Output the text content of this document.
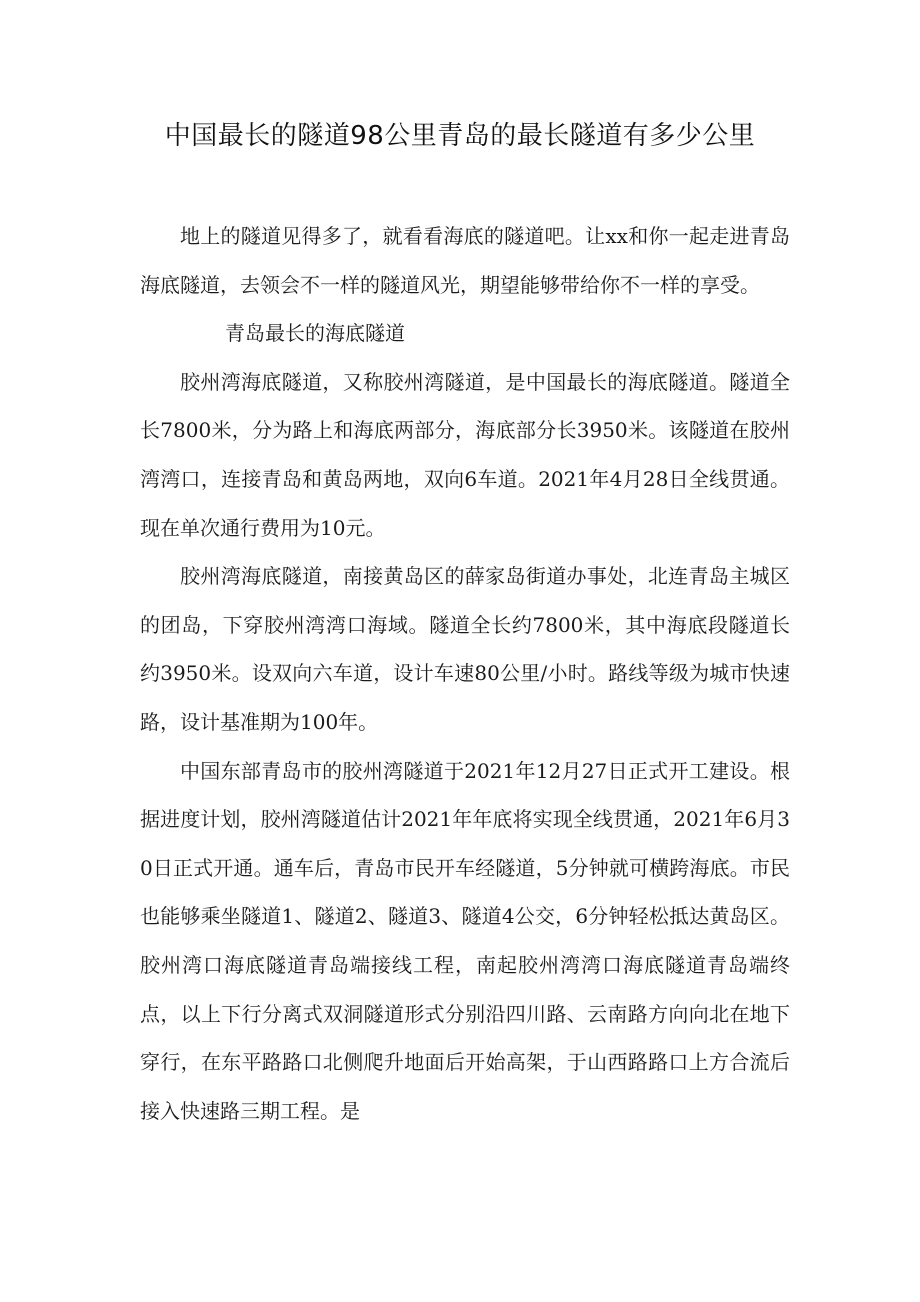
中国最长的隧道98公里青岛的最长隧道有多少公里

地上的隧道见得多了，就看看海底的隧道吧。让xx和你一起走进青岛海底隧道，去领会不一样的隧道风光，期望能够带给你不一样的享受。

青岛最长的海底隧道

胶州湾海底隧道，又称胶州湾隧道，是中国最长的海底隧道。隧道全长7800米，分为路上和海底两部分，海底部分长3950米。该隧道在胶州湾湾口，连接青岛和黄岛两地，双向6车道。2021年4月28日全线贯通。现在单次通行费用为10元。

胶州湾海底隧道，南接黄岛区的薛家岛街道办事处，北连青岛主城区的团岛，下穿胶州湾湾口海域。隧道全长约7800米，其中海底段隧道长约3950米。设双向六车道，设计车速80公里/小时。路线等级为城市快速路，设计基准期为100年。

中国东部青岛市的胶州湾隧道于2021年12月27日正式开工建设。根据进度计划，胶州湾隧道估计2021年年底将实现全线贯通，2021年6月30日正式开通。通车后，青岛市民开车经隧道，5分钟就可横跨海底。市民也能够乘坐隧道1、隧道2、隧道3、隧道4公交，6分钟轻松抵达黄岛区。胶州湾口海底隧道青岛端接线工程，南起胶州湾湾口海底隧道青岛端终点，以上下行分离式双洞隧道形式分别沿四川路、云南路方向向北在地下穿行，在东平路路口北侧爬升地面后开始高架，于山西路路口上方合流后接入快速路三期工程。是
